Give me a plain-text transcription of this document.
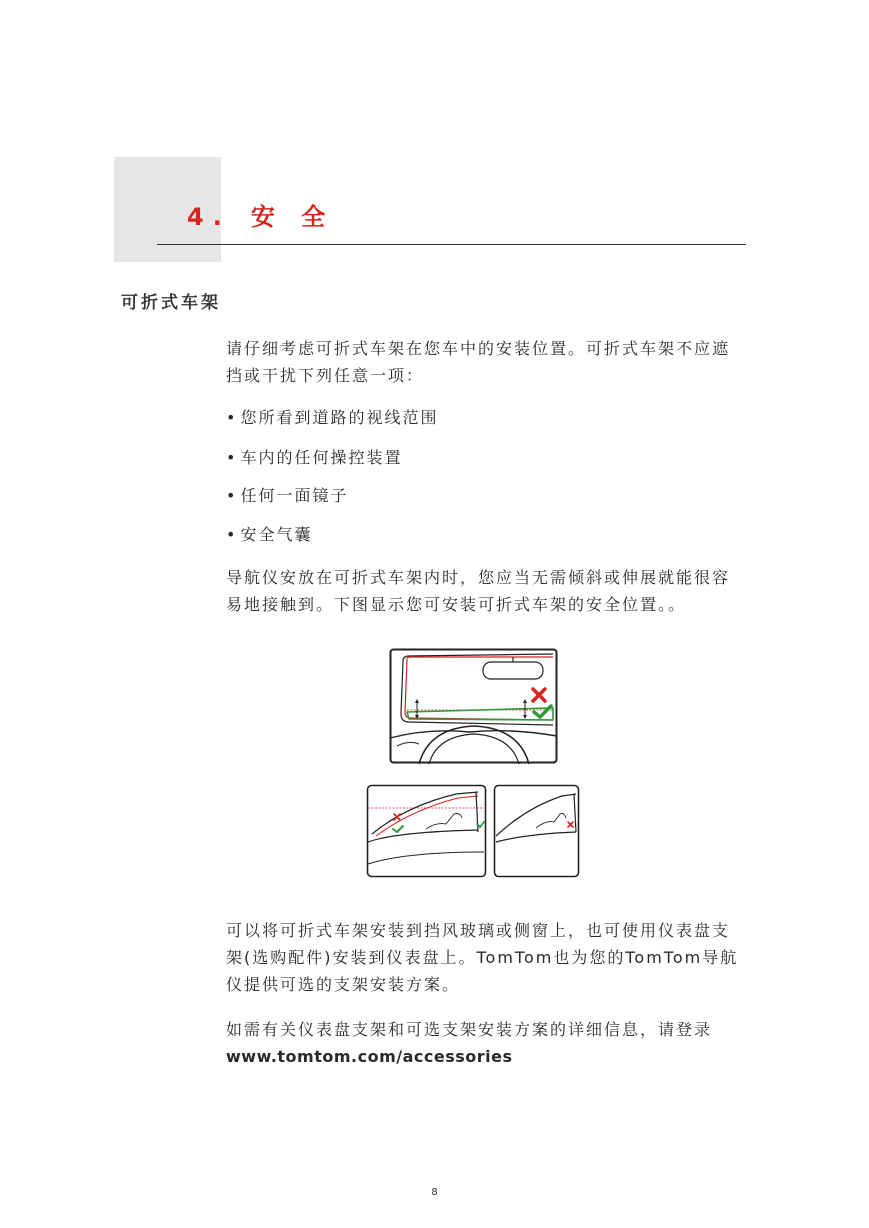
4. 安 全
可折式车架
请仔细考虑可折式车架在您车中的安装位置。可折式车架不应遮挡或干扰下列任意一项：
• 您所看到道路的视线范围
• 车内的任何操控装置
• 任何一面镜子
• 安全气囊
导航仪安放在可折式车架内时，您应当无需倾斜或伸展就能很容易地接触到。下图显示您可安装可折式车架的安全位置。。
可以将可折式车架安装到挡风玻璃或侧窗上，也可使用仪表盘支架(选购配件)安装到仪表盘上。TomTom也为您的TomTom导航仪提供可选的支架安装方案。
如需有关仪表盘支架和可选支架安装方案的详细信息，请登录
www.tomtom.com/accessories
8
